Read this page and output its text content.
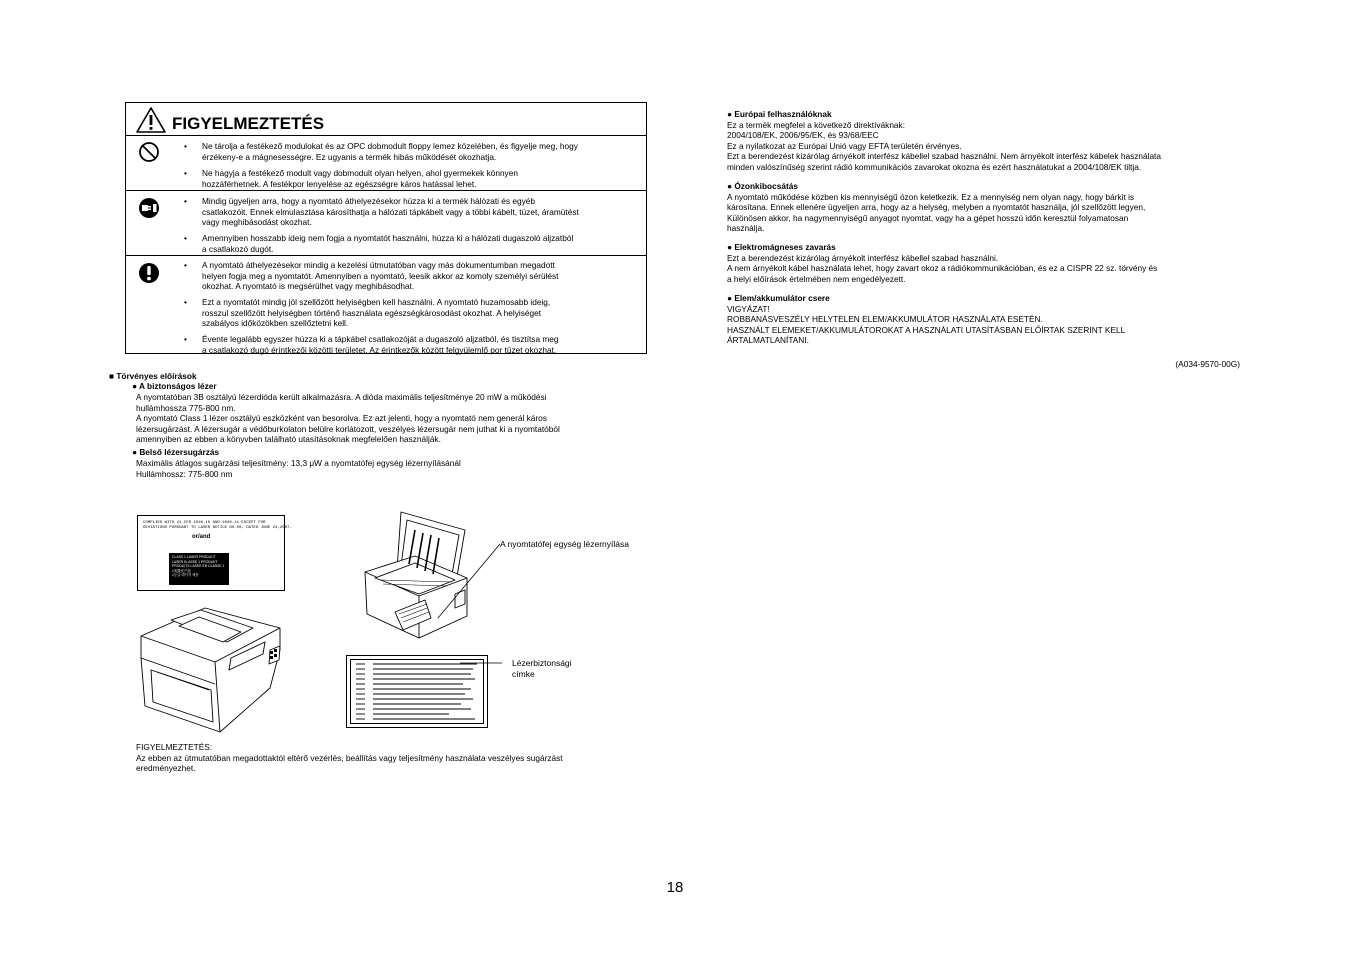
FIGYELMEZTETÉS
• Ne tárolja a festékező modulokat és az OPC dobmodult floppy lemez közelében, és figyelje meg, hogy
érzékeny-e a mágnesességre. Ez ugyanis a termék hibás működését okozhatja.
• Ne hagyja a festékező modult vagy dobmodult olyan helyen, ahol gyermekek könnyen
hozzáférhetnek. A festékpor lenyelése az egészségre káros hatással lehet.
• Mindig ügyeljen arra, hogy a nyomtató áthelyezésekor húzza ki a termék hálózati és egyéb
csatlakozóit. Ennek elmulasztása károsíthatja a hálózati tápkábelt vagy a többi kábelt, tüzet, áramütést
vagy meghibásodást okozhat.
• Amennyiben hosszabb ideig nem fogja a nyomtatót használni, húzza ki a hálózati dugaszoló aljzatból
a csatlakozó dugót.
• A nyomtató áthelyezésekor mindig a kezelési útmutatóban vagy más dokumentumban megadott
helyen fogja meg a nyomtatót. Amennyiben a nyomtató, leesik akkor az komoly személyi sérülést
okozhat. A nyomtató is megsérülhet vagy meghibásodhat.
• Ezt a nyomtatót mindig jól szellőzött helyiségben kell használni. A nyomtató huzamosabb ideig,
rosszul szellőzött helyiségben történő használata egészségkárosodást okozhat. A helyiséget
szabályos időközökben szellőztetni kell.
• Évente legalább egyszer húzza ki a tápkábel csatlakozóját a dugaszoló aljzatból, és tisztítsa meg
a csatlakozó dugó érintkezői közötti területet. Az érintkezők között felgyülemlő por tüzet okozhat.
■ Törvényes előírások
● A biztonságos lézer
A nyomtatóban 3B osztályú lézerdióda került alkalmazásra. A dióda maximális teljesítménye 20 mW a működési
hullámhossza 775-800 nm.
A nyomtató Class 1 lézer osztályú eszközként van besorolva. Ez azt jelenti, hogy a nyomtató nem generál káros
lézersugárzást. A lézersugár a védőburkolaton belülre korlátozott, veszélyes lézersugár nem juthat ki a nyomtatóból
amennyiben az ebben a könyvben található utasításoknak megfelelően használják.
● Belső lézersugárzás
Maximális átlagos sugárzási teljesítmény: 13,3 μW a nyomtatófej egység lézernyílásánál
Hullámhossz: 775-800 nm
COMPLIES WITH 21 CFR 1040.10 AND 1040.11 EXCEPT FOR
DEVIATIONS PURSUANT TO LASER NOTICE NO.50, DATED JUNE 24,2007.
or/and
CLASS 1 LASER PRODUCT
LASER KLASSE 1 PRODUKT
PRODUITS LASER EN CLASSE 1
1类激光产品
1등급 레이저 제품
A nyomtatófej egység lézernyílása
Lézerbiztonsági
címke
FIGYELMEZTETÉS:
Az ebben az útmutatóban megadottaktól eltérő vezérlés, beállítás vagy teljesítmény használata veszélyes sugárzást
eredményezhet.
● Európai felhasználóknak
Ez a termék megfelel a következő direktíváknak:
2004/108/EK, 2006/95/EK, és 93/68/EEC
Ez a nyilatkozat az Európai Unió vagy EFTA területén érvényes.
Ezt a berendezést kizárólag árnyékolt interfész kábellel szabad használni. Nem árnyékolt interfész kábelek használata
minden valószínűség szerint rádió kommunikációs zavarokat okozna és ezért használatukat a 2004/108/EK tiltja.
● Ózonkibocsátás
A nyomtató működése közben kis mennyiségű ózon keletkezik. Ez a mennyiség nem olyan nagy, hogy bárkit is
károsítana. Ennek ellenére ügyeljen arra, hogy az a helység, melyben a nyomtatót használja, jól szellőzött legyen,
Különösen akkor, ha nagymennyiségű anyagot nyomtat, vagy ha a gépet hosszú időn keresztül folyamatosan
használja.
● Elektromágneses zavarás
Ezt a berendezést kizárólag árnyékolt interfész kábellel szabad használni.
A nem árnyékolt kábel használata lehet, hogy zavart okoz a rádiókommunikációban, és ez a CISPR 22 sz. törvény és
a helyi előírások értelmében nem engedélyezett.
● Elem/akkumulátor csere
VIGYÁZAT!
ROBBANÁSVESZÉLY HELYTELEN ELEM/AKKUMULÁTOR HASZNÁLATA ESETÉN.
HASZNÁLT ELEMEKET/AKKUMULÁTOROKAT A HASZNÁLATI UTASÍTÁSBAN ELŐÍRTAK SZERINT KELL
ÁRTALMATLANÍTANI.
(A034-9570-00G)
18
